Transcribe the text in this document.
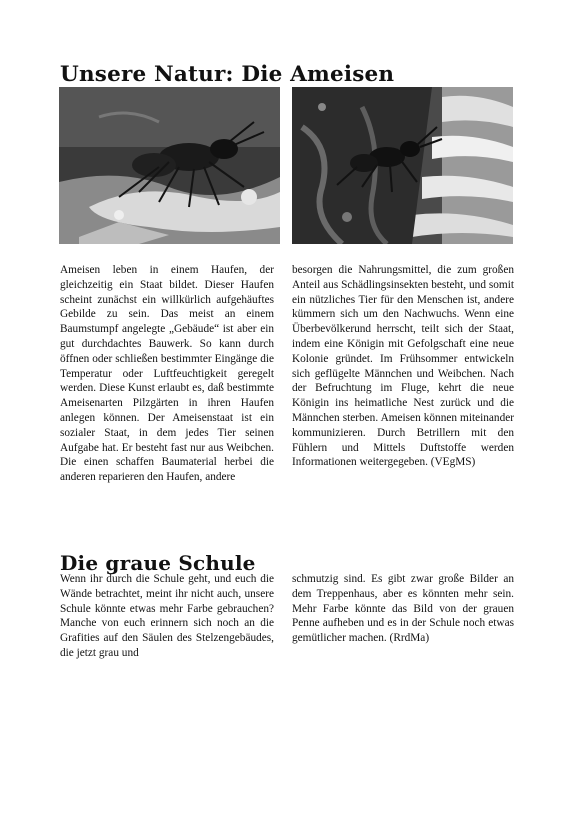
Unsere Natur: Die Ameisen

Ameisen leben in einem Haufen, der gleichzeitig ein Staat bildet. Dieser Haufen scheint zunächst ein willkürlich aufgehäuftes Gebilde zu sein. Das meist an einem Baumstumpf angelegte „Gebäude“ ist aber ein gut durchdachtes Bauwerk. So kann durch öffnen oder schließen bestimmter Eingänge die Temperatur oder Luftfeuchtigkeit geregelt werden. Diese Kunst erlaubt es, daß bestimmte Ameisenarten Pilzgärten in ihren Haufen anlegen können. Der Ameisenstaat ist ein sozialer Staat, in dem jedes Tier seinen Aufgabe hat. Er besteht fast nur aus Weibchen. Die einen schaffen Baumaterial herbei die anderen reparieren den Haufen, andere

besorgen die Nahrungsmittel, die zum großen Anteil aus Schädlingsinsekten besteht, und somit ein nützliches Tier für den Menschen ist, andere kümmern sich um den Nachwuchs. Wenn eine Überbevölkerund herrscht, teilt sich der Staat, indem eine Königin mit Gefolgschaft eine neue Kolonie gründet. Im Frühsommer entwickeln sich geflügelte Männchen und Weibchen. Nach der Befruchtung im Fluge, kehrt die neue Königin ins heimatliche Nest zurück und die Männchen sterben. Ameisen können miteinander kommunizieren. Durch Betrillern mit den Fühlern und Mittels Duftstoffe werden Informationen weitergegeben. (VEgMS)

Die graue Schule

Wenn ihr durch die Schule geht, und euch die Wände betrachtet, meint ihr nicht auch, unsere Schule könnte etwas mehr Farbe gebrauchen? Manche von euch erinnern sich noch an die Grafities auf den Säulen des Stelzengebäudes, die jetzt grau und

schmutzig sind. Es gibt zwar große Bilder an dem Treppenhaus, aber es könnten mehr sein. Mehr Farbe könnte das Bild von der grauen Penne aufheben und es in der Schule noch etwas gemütlicher machen. (RrdMa)
